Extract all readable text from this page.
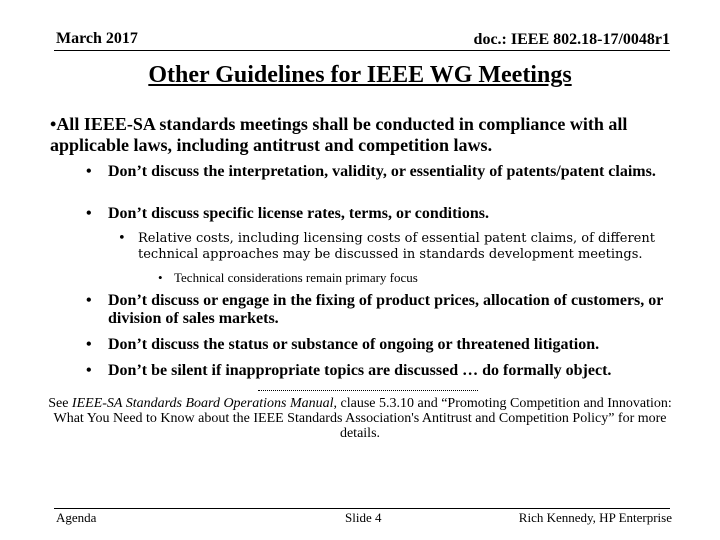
March 2017	doc.: IEEE 802.18-17/0048r1
Other Guidelines for IEEE WG Meetings
•All IEEE-SA standards meetings shall be conducted in compliance with all applicable laws, including antitrust and competition laws.
•	Don’t discuss the interpretation, validity, or essentiality of patents/patent claims.
•	Don’t discuss specific license rates, terms, or conditions.
• Relative costs, including licensing costs of essential patent claims, of different technical approaches may be discussed in standards development meetings.
• Technical considerations remain primary focus
•	Don’t discuss or engage in the fixing of product prices, allocation of customers, or division of sales markets.
•	Don’t discuss the status or substance of ongoing or threatened litigation.
•	Don’t be silent if inappropriate topics are discussed … do formally object.
See IEEE-SA Standards Board Operations Manual, clause 5.3.10 and “Promoting Competition and Innovation: What You Need to Know about the IEEE Standards Association's Antitrust and Competition Policy” for more details.
Agenda	Slide 4	Rich Kennedy, HP Enterprise
